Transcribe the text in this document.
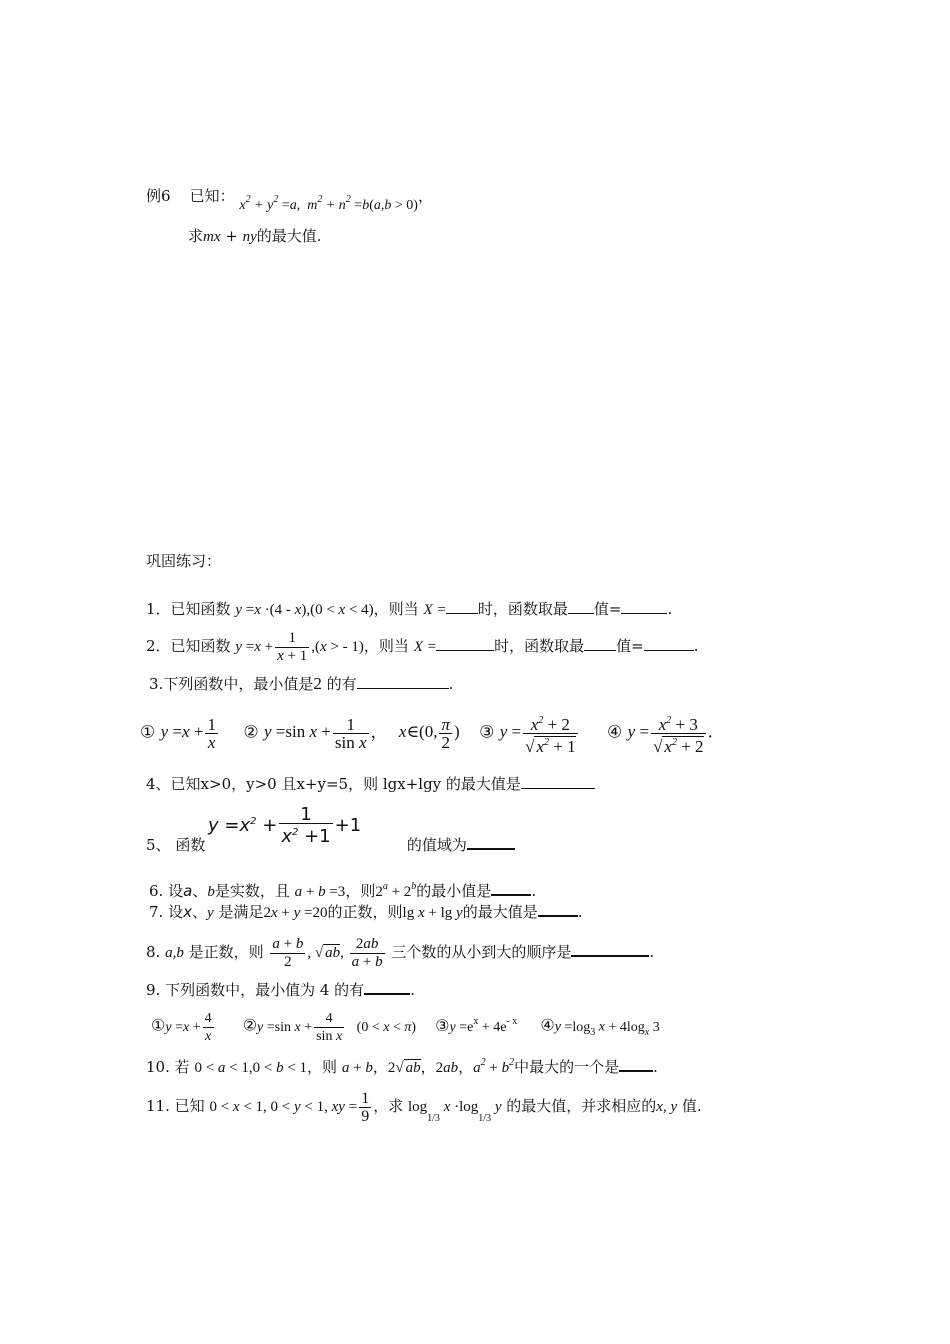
例6 已知： $x^2 + y^2 =a$,  $m^2 + n^2 =b(a,b > 0)$，
求mx + ny的最大值.
巩固练习：
1．已知函数 y =x ·(4 - x),(0 < x < 4)，则当 X = 时，函数取最 值=	.
2．已知函数 $y =x + \frac{1}{x + 1} ,(x$ > - 1)，则当 X =	时，函数取最 值=	.
3.下列函数中，最小值是2 的有	.
① $y =x + \frac{1}{x}$ ② y =sin $x + \frac{1}{\text{sin x}}$ ， x∈(0, $\frac{\pi}{2}$ ) ③ $y = \frac{x^2 + 2}{√ x^2 + 1}$ ④ $y = \frac{x^2 + 3}{√ x^2 + 2}$ .
4、已知x>0，y>0 且x+y=5，则 lgx+lgy 的最大值是
$y =x^2 + \frac{1}{x^2 +1} +1$
5、 函数	的值域为
6. 设a、b是实数，且 a + b =3，则$2^a + 2^b$的最小值是	.
7. 设x、y 是满足2x + y =20的正数，则lg x + lg y的最大值是	.
8. a,b 是正数，则 $\frac{a + b}{2}$ , √ ab, $\frac{2ab}{a + b}$ 三个数的从小到大的顺序是	.
9. 下列函数中，最小值为 4 的有	.
①y $=x + \frac{4}{x}$ ②y =sin $x + \frac{4}{\text{sin x}} (0 < x < \pi)$ ③y $=e^x + 4e^{- x}$ ④y $=\log_3$ $x + 4\log_x$ 3
10. 若 0 < a < 1,0 < b < 1，则 a + b，2√ ab，2ab，$a^2 + b^2$中最大的一个是 .
11. 已知 0 < x < 1, 0 < y < 1, xy = $\frac{1}{9}$ ，求 $\log_{1/3} x \cdot\log_{1/3}$ y 的最大值，并求相应的x, y 值.
